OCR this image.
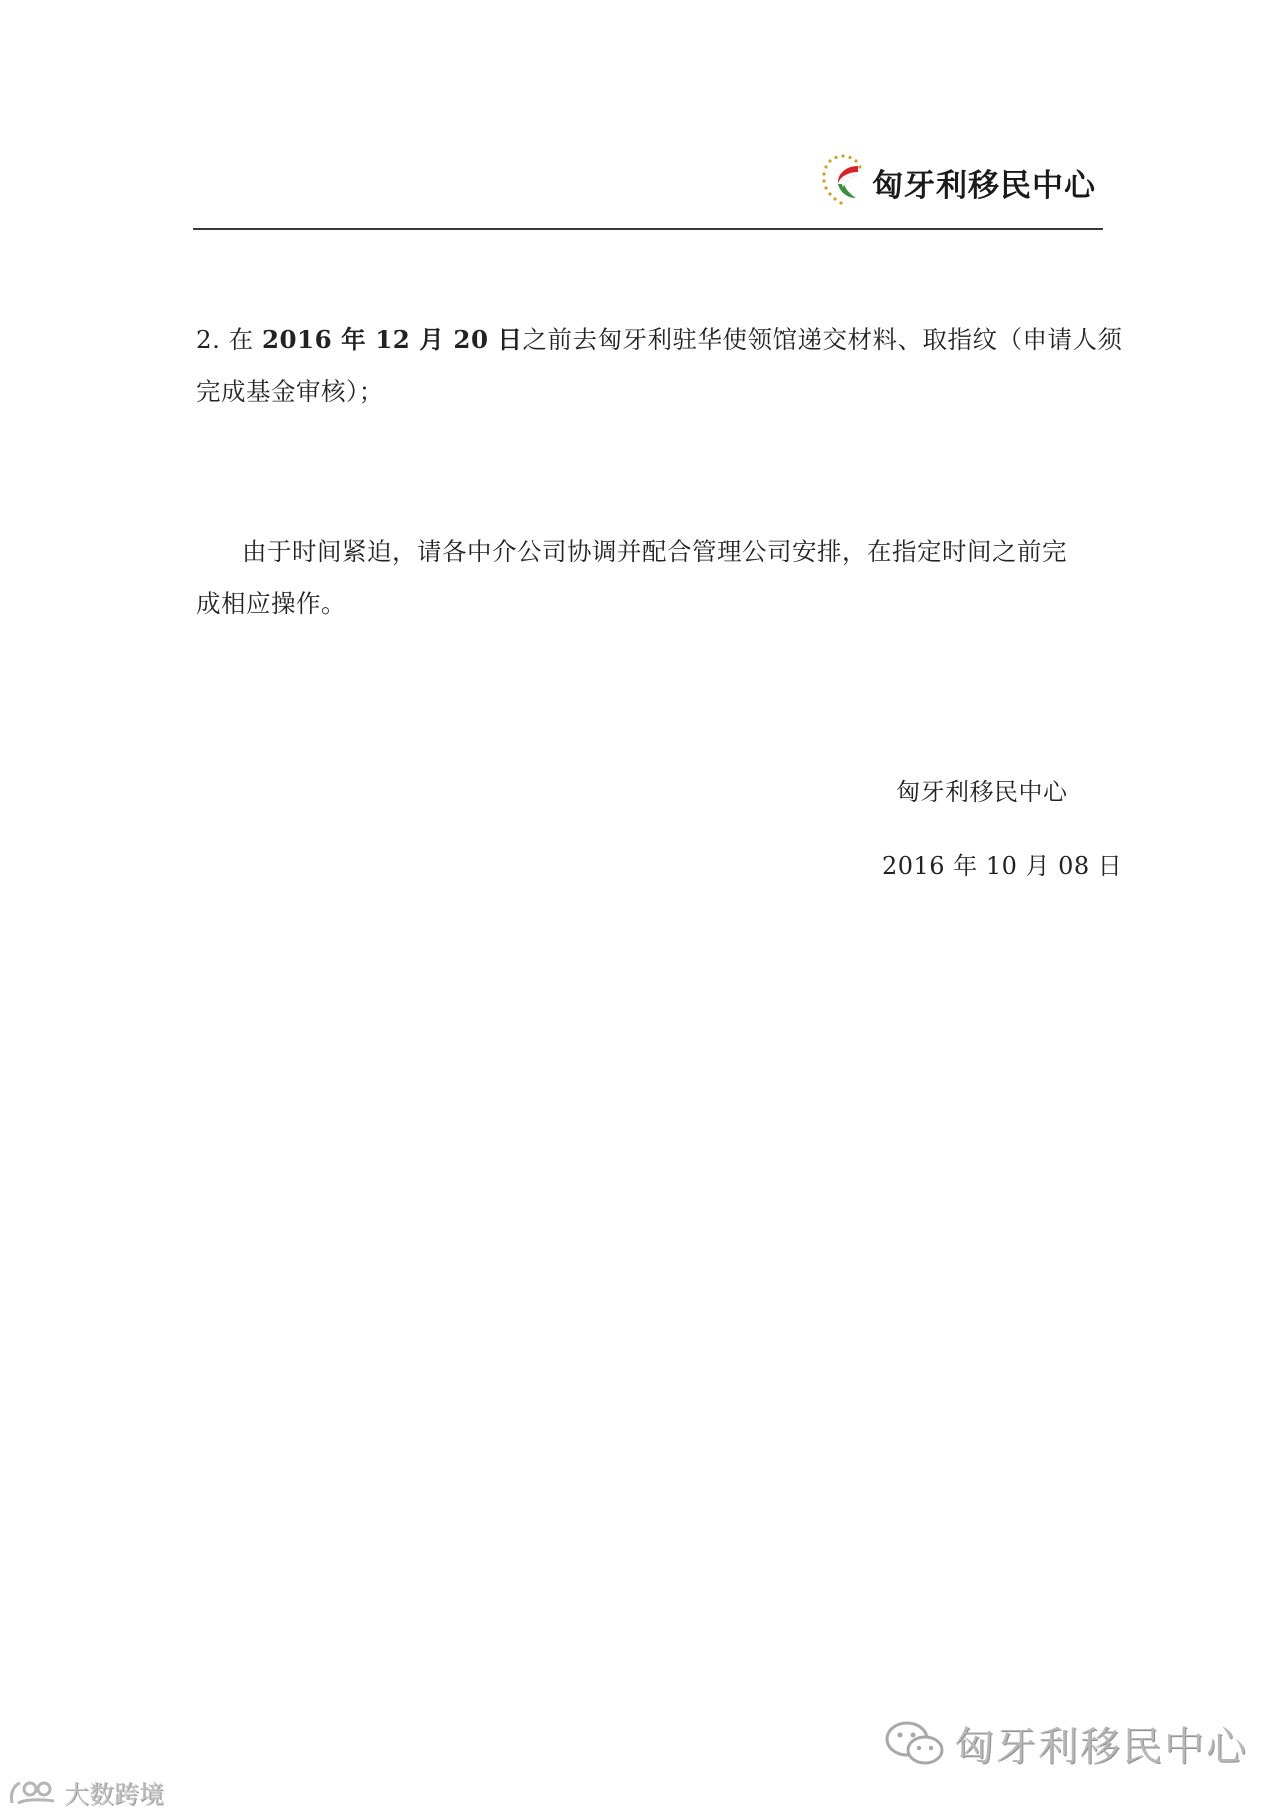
匈牙利移民中心
2. 在 2016 年 12 月 20 日之前去匈牙利驻华使领馆递交材料、取指纹（申请人须
完成基金审核）；
由于时间紧迫，请各中介公司协调并配合管理公司安排，在指定时间之前完
成相应操作。
匈牙利移民中心
2016 年 10 月 08 日
匈牙利移民中心
大数跨境
